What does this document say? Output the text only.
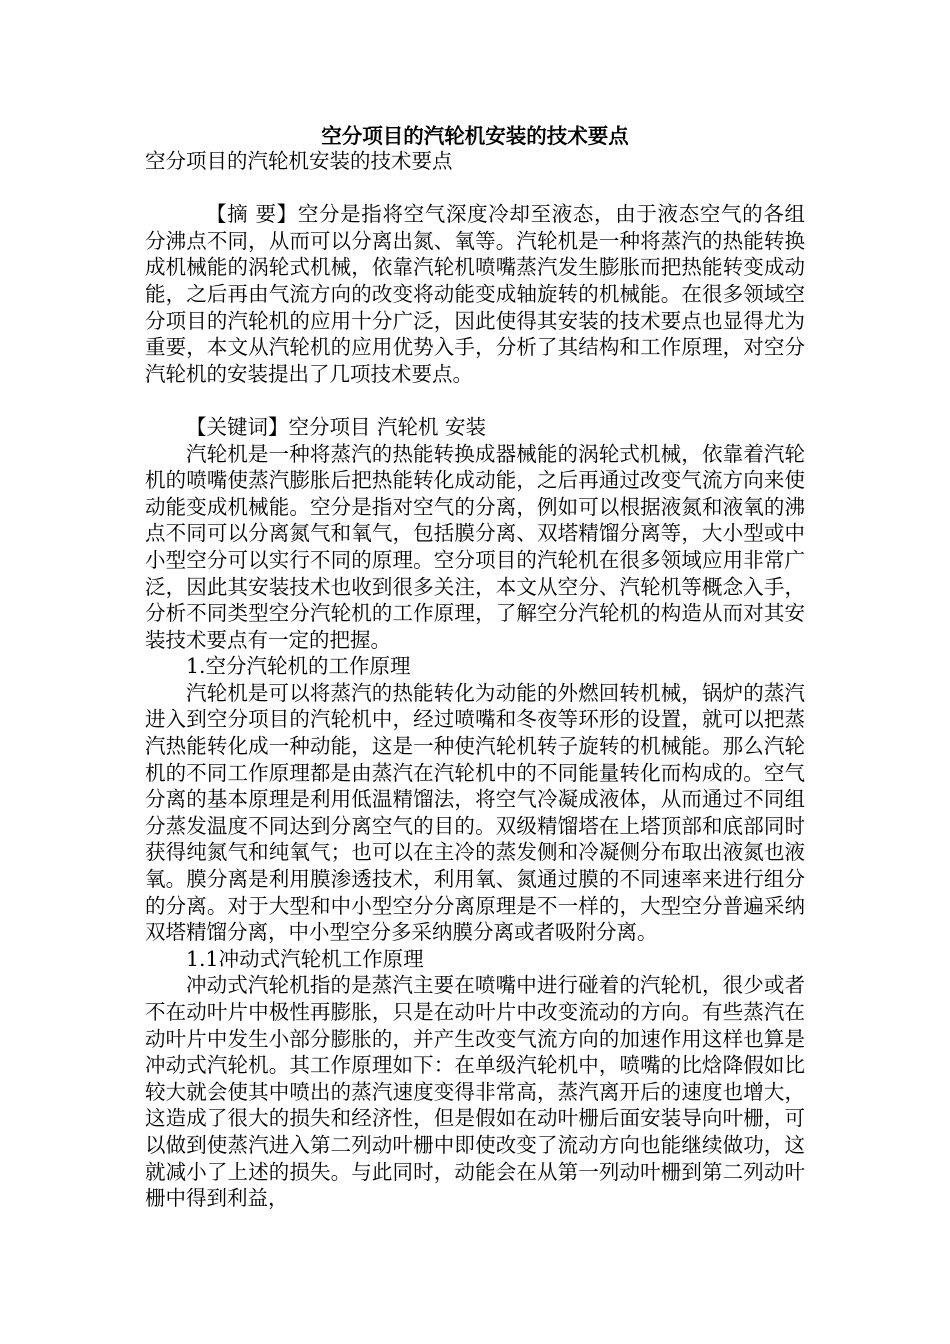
空分项目的汽轮机安装的技术要点

空分项目的汽轮机安装的技术要点

【摘 要】空分是指将空气深度冷却至液态，由于液态空气的各组分沸点不同，从而可以分离出氮、氧等。汽轮机是一种将蒸汽的热能转换成机械能的涡轮式机械，依靠汽轮机喷嘴蒸汽发生膨胀而把热能转变成动能，之后再由气流方向的改变将动能变成轴旋转的机械能。在很多领域空分项目的汽轮机的应用十分广泛，因此使得其安装的技术要点也显得尤为重要，本文从汽轮机的应用优势入手，分析了其结构和工作原理，对空分汽轮机的安装提出了几项技术要点。

【关键词】空分项目 汽轮机 安装

汽轮机是一种将蒸汽的热能转换成器械能的涡轮式机械，依靠着汽轮机的喷嘴使蒸汽膨胀后把热能转化成动能，之后再通过改变气流方向来使动能变成机械能。空分是指对空气的分离，例如可以根据液氮和液氧的沸点不同可以分离氮气和氧气，包括膜分离、双塔精馏分离等，大小型或中小型空分可以实行不同的原理。空分项目的汽轮机在很多领域应用非常广泛，因此其安装技术也收到很多关注，本文从空分、汽轮机等概念入手，分析不同类型空分汽轮机的工作原理，了解空分汽轮机的构造从而对其安装技术要点有一定的把握。

1.空分汽轮机的工作原理

汽轮机是可以将蒸汽的热能转化为动能的外燃回转机械，锅炉的蒸汽进入到空分项目的汽轮机中，经过喷嘴和冬夜等环形的设置，就可以把蒸汽热能转化成一种动能，这是一种使汽轮机转子旋转的机械能。那么汽轮机的不同工作原理都是由蒸汽在汽轮机中的不同能量转化而构成的。空气分离的基本原理是利用低温精馏法，将空气冷凝成液体，从而通过不同组分蒸发温度不同达到分离空气的目的。双级精馏塔在上塔顶部和底部同时获得纯氮气和纯氧气；也可以在主冷的蒸发侧和冷凝侧分布取出液氮也液氧。膜分离是利用膜渗透技术，利用氧、氮通过膜的不同速率来进行组分的分离。对于大型和中小型空分分离原理是不一样的，大型空分普遍采纳双塔精馏分离，中小型空分多采纳膜分离或者吸附分离。

1.1冲动式汽轮机工作原理

冲动式汽轮机指的是蒸汽主要在喷嘴中进行碰着的汽轮机，很少或者不在动叶片中极性再膨胀，只是在动叶片中改变流动的方向。有些蒸汽在动叶片中发生小部分膨胀的，并产生改变气流方向的加速作用这样也算是冲动式汽轮机。其工作原理如下：在单级汽轮机中，喷嘴的比焓降假如比较大就会使其中喷出的蒸汽速度变得非常高，蒸汽离开后的速度也增大，这造成了很大的损失和经济性，但是假如在动叶栅后面安装导向叶栅，可以做到使蒸汽进入第二列动叶栅中即使改变了流动方向也能继续做功，这就减小了上述的损失。与此同时，动能会在从第一列动叶栅到第二列动叶栅中得到利益，
